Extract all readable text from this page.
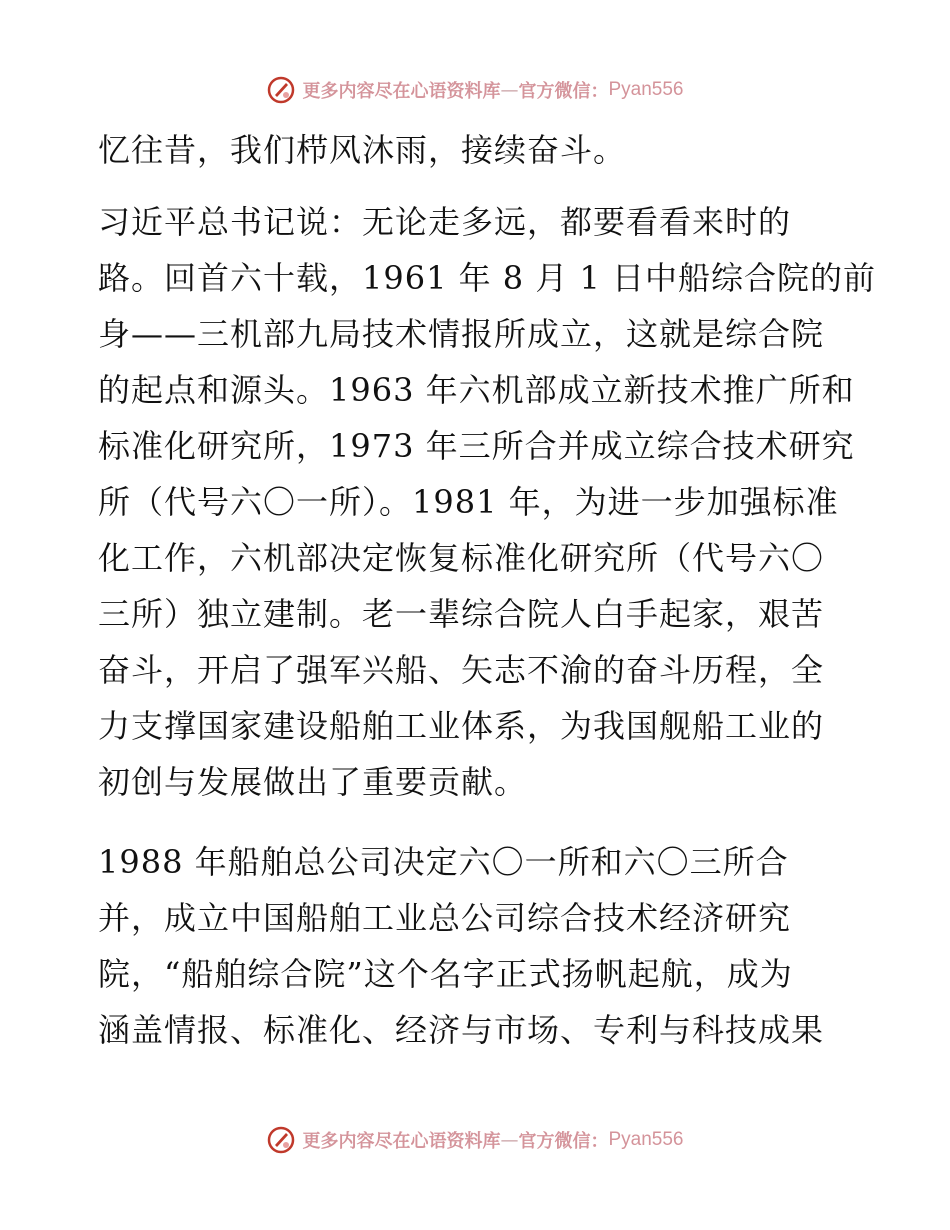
更多内容尽在心语资料库 — 官方微信： Pyan556
忆往昔，我们栉风沐雨，接续奋斗。
习近平总书记说：无论走多远，都要看看来时的
路。回首六十载，1961 年 8 月 1 日中船综合院的前
身——三机部九局技术情报所成立，这就是综合院
的起点和源头。1963 年六机部成立新技术推广所和
标准化研究所，1973 年三所合并成立综合技术研究
所（代号六〇一所）。1981 年，为进一步加强标准
化工作，六机部决定恢复标准化研究所（代号六〇
三所）独立建制。老一辈综合院人白手起家，艰苦
奋斗，开启了强军兴船、矢志不渝的奋斗历程，全
力支撑国家建设船舶工业体系，为我国舰船工业的
初创与发展做出了重要贡献。
1988 年船舶总公司决定六〇一所和六〇三所合
并，成立中国船舶工业总公司综合技术经济研究
院，“船舶综合院”这个名字正式扬帆起航，成为
涵盖情报、标准化、经济与市场、专利与科技成果
更多内容尽在心语资料库 — 官方微信： Pyan556
